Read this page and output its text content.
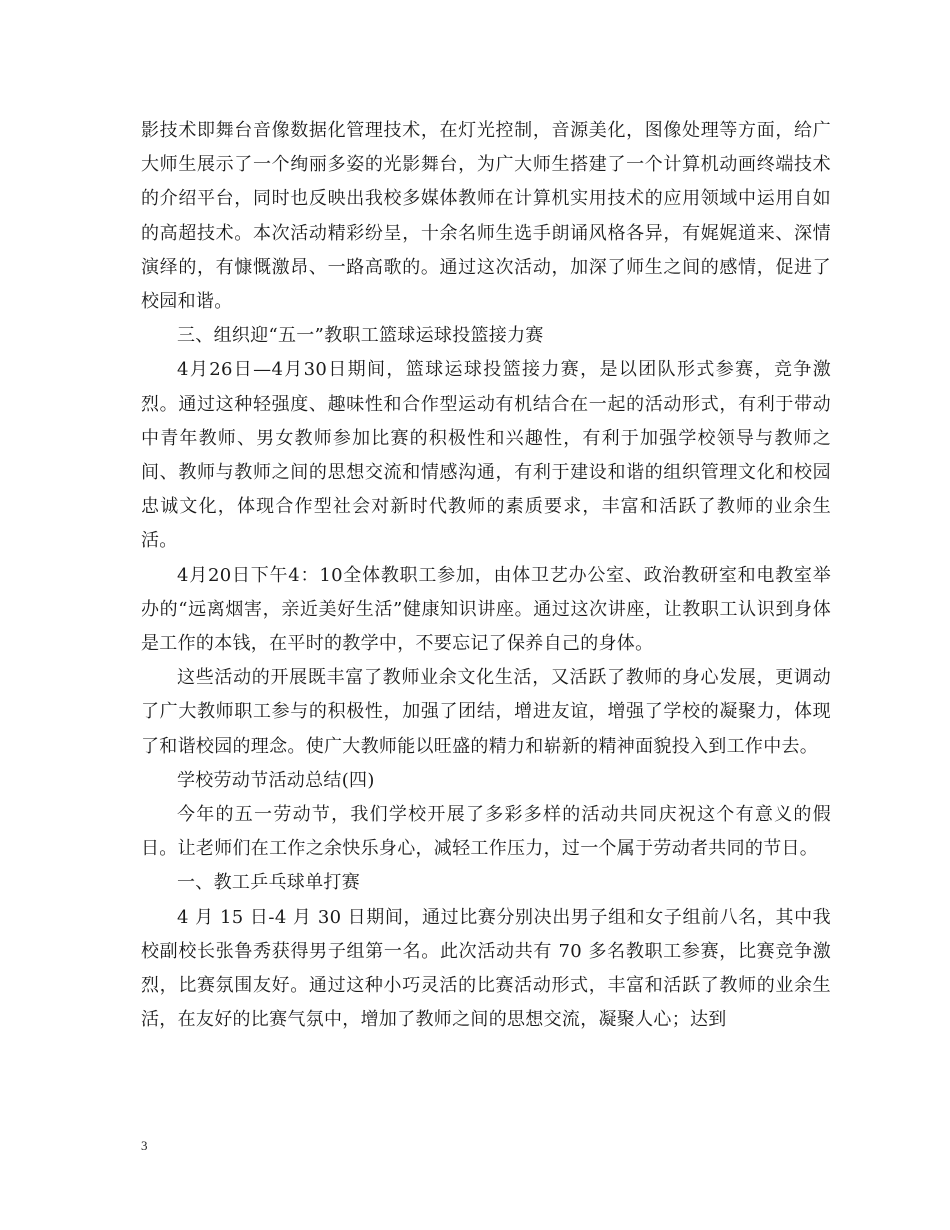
影技术即舞台音像数据化管理技术，在灯光控制，音源美化，图像处理等方面，给广大师生展示了一个绚丽多姿的光影舞台，为广大师生搭建了一个计算机动画终端技术的介绍平台，同时也反映出我校多媒体教师在计算机实用技术的应用领域中运用自如的高超技术。本次活动精彩纷呈，十余名师生选手朗诵风格各异，有娓娓道来、深情演绎的，有慷慨激昂、一路高歌的。通过这次活动，加深了师生之间的感情，促进了校园和谐。

三、组织迎“五一”教职工篮球运球投篮接力赛

4月26日—4月30日期间，篮球运球投篮接力赛，是以团队形式参赛，竞争激烈。通过这种轻强度、趣味性和合作型运动有机结合在一起的活动形式，有利于带动中青年教师、男女教师参加比赛的积极性和兴趣性，有利于加强学校领导与教师之间、教师与教师之间的思想交流和情感沟通，有利于建设和谐的组织管理文化和校园忠诚文化，体现合作型社会对新时代教师的素质要求，丰富和活跃了教师的业余生活。

4月20日下午4：10全体教职工参加，由体卫艺办公室、政治教研室和电教室举办的“远离烟害，亲近美好生活”健康知识讲座。通过这次讲座，让教职工认识到身体是工作的本钱，在平时的教学中，不要忘记了保养自己的身体。

这些活动的开展既丰富了教师业余文化生活，又活跃了教师的身心发展，更调动了广大教师职工参与的积极性，加强了团结，增进友谊，增强了学校的凝聚力，体现了和谐校园的理念。使广大教师能以旺盛的精力和崭新的精神面貌投入到工作中去。

学校劳动节活动总结(四)

今年的五一劳动节，我们学校开展了多彩多样的活动共同庆祝这个有意义的假日。让老师们在工作之余快乐身心，减轻工作压力，过一个属于劳动者共同的节日。

一、教工乒乓球单打赛

4 月 15 日-4 月 30 日期间，通过比赛分别决出男子组和女子组前八名，其中我校副校长张鲁秀获得男子组第一名。此次活动共有 70 多名教职工参赛，比赛竞争激烈，比赛氛围友好。通过这种小巧灵活的比赛活动形式，丰富和活跃了教师的业余生活，在友好的比赛气氛中，增加了教师之间的思想交流，凝聚人心；达到

3
